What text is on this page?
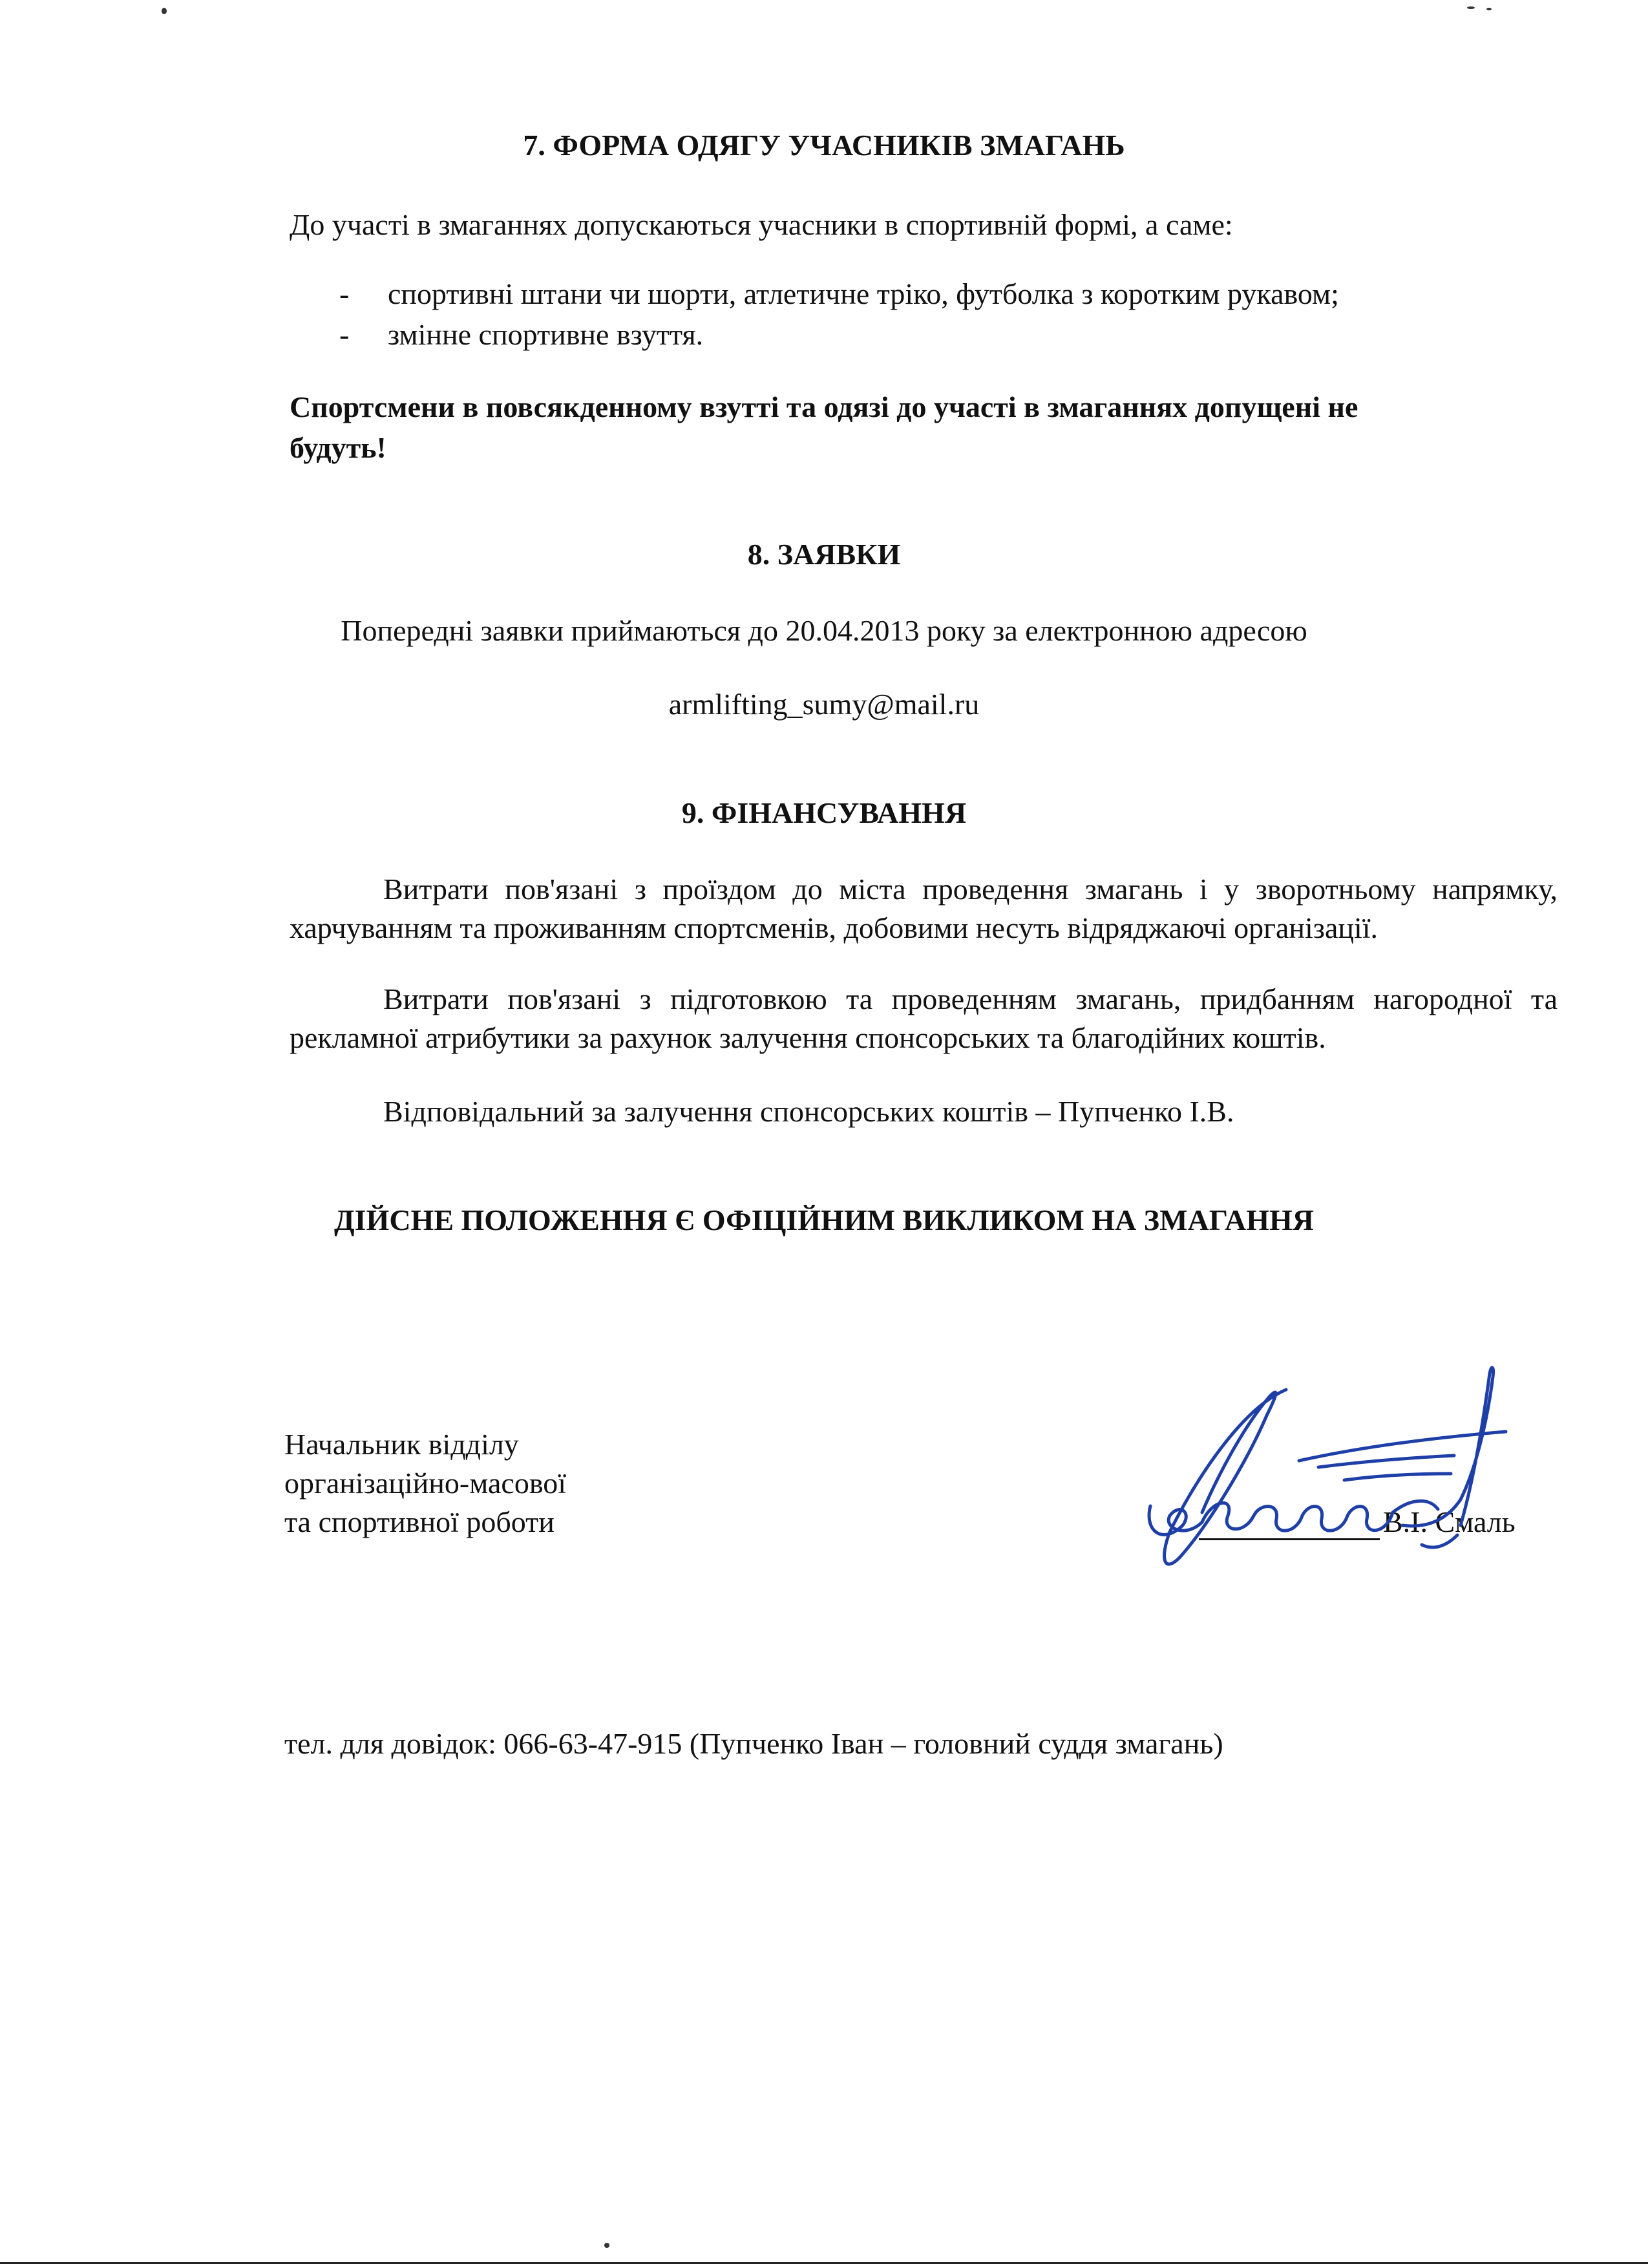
7. ФОРМА ОДЯГУ УЧАСНИКІВ ЗМАГАНЬ
До участі в змаганнях допускаються учасники в спортивній формі, а саме:
- спортивні штани чи шорти, атлетичне тріко, футболка з коротким рукавом;
- змінне спортивне взуття.
Спортсмени в повсякденному взутті та одязі до участі в змаганнях допущені не
будуть!
8. ЗАЯВКИ
Попередні заявки приймаються до 20.04.2013 року за електронною адресою
armlifting_sumy@mail.ru
9. ФІНАНСУВАННЯ
Витрати пов'язані з проїздом до міста проведення змагань і у зворотньому напрямку, харчуванням та проживанням спортсменів, добовими несуть відряджаючі організації.
Витрати пов'язані з підготовкою та проведенням змагань, придбанням нагородної та рекламної атрибутики за рахунок залучення спонсорських та благодійних коштів.
Відповідальний за залучення спонсорських коштів – Пупченко І.В.
ДІЙСНЕ ПОЛОЖЕННЯ Є ОФІЦІЙНИМ ВИКЛИКОМ НА ЗМАГАННЯ
Начальник відділу
організаційно-масової
та спортивної роботи	В.І. Смаль
тел. для довідок: 066-63-47-915 (Пупченко Іван – головний суддя змагань)
